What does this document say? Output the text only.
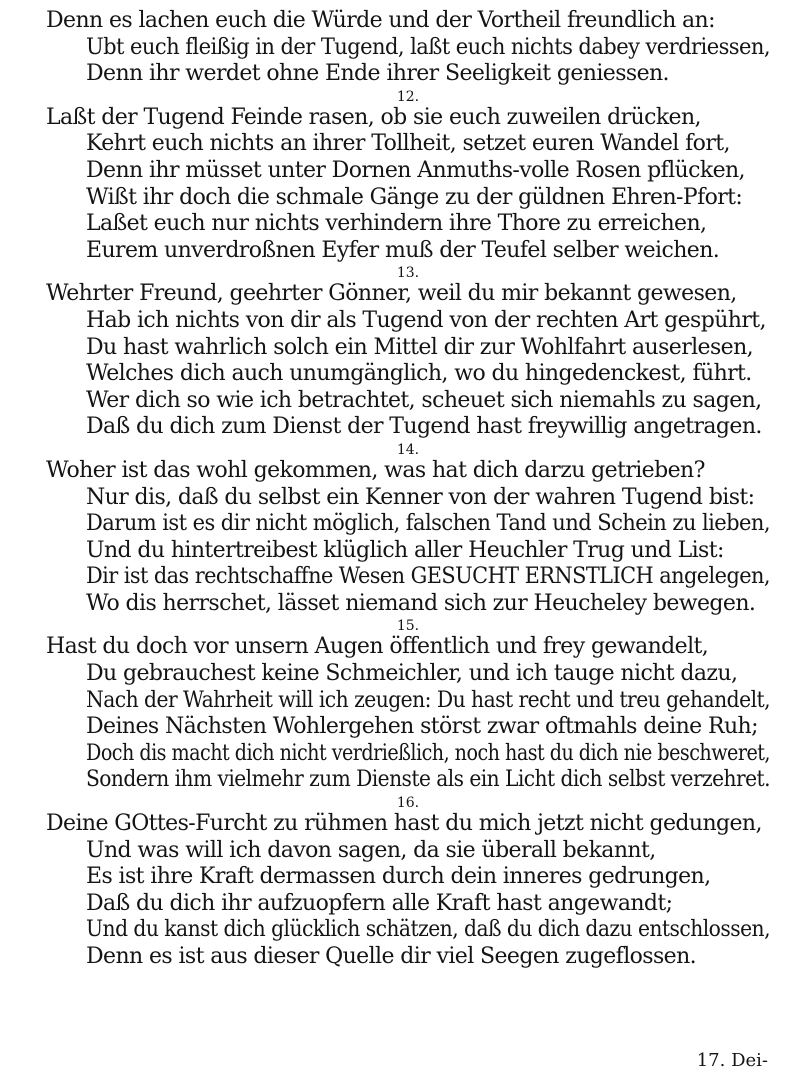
Denn es lachen euch die Würde und der Vortheil freundlich an:
Ubt euch fleißig in der Tugend, laßt euch nichts dabey verdriessen,
Denn ihr werdet ohne Ende ihrer Seeligkeit geniessen.
12.
Laßt der Tugend Feinde rasen, ob sie euch zuweilen drücken,
Kehrt euch nichts an ihrer Tollheit, setzet euren Wandel fort,
Denn ihr müsset unter Dornen Anmuths-volle Rosen pflücken,
Wißt ihr doch die schmale Gänge zu der güldnen Ehren-Pfort:
Laßet euch nur nichts verhindern ihre Thore zu erreichen,
Eurem unverdroßnen Eyfer muß der Teufel selber weichen.
13.
Wehrter Freund, geehrter Gönner, weil du mir bekannt gewesen,
Hab ich nichts von dir als Tugend von der rechten Art gespührt,
Du hast wahrlich solch ein Mittel dir zur Wohlfahrt auserlesen,
Welches dich auch unumgänglich, wo du hingedenckest, führt.
Wer dich so wie ich betrachtet, scheuet sich niemahls zu sagen,
Daß du dich zum Dienst der Tugend hast freywillig angetragen.
14.
Woher ist das wohl gekommen, was hat dich darzu getrieben?
Nur dis, daß du selbst ein Kenner von der wahren Tugend bist:
Darum ist es dir nicht möglich, falschen Tand und Schein zu lieben,
Und du hintertreibest klüglich aller Heuchler Trug und List:
Dir ist das rechtschaffne Wesen GESUCHT ERNSTLICH angelegen,
Wo dis herrschet, lässet niemand sich zur Heucheley bewegen.
15.
Hast du doch vor unsern Augen öffentlich und frey gewandelt,
Du gebrauchest keine Schmeichler, und ich tauge nicht dazu,
Nach der Wahrheit will ich zeugen: Du hast recht und treu gehandelt,
Deines Nächsten Wohlergehen störst zwar oftmahls deine Ruh;
Doch dis macht dich nicht verdrießlich, noch hast du dich nie beschweret,
Sondern ihm vielmehr zum Dienste als ein Licht dich selbst verzehret.
16.
Deine GOttes-Furcht zu rühmen hast du mich jetzt nicht gedungen,
Und was will ich davon sagen, da sie überall bekannt,
Es ist ihre Kraft dermassen durch dein inneres gedrungen,
Daß du dich ihr aufzuopfern alle Kraft hast angewandt;
Und du kanst dich glücklich schätzen, daß du dich dazu entschlossen,
Denn es ist aus dieser Quelle dir viel Seegen zugeflossen.
17. Dei-
